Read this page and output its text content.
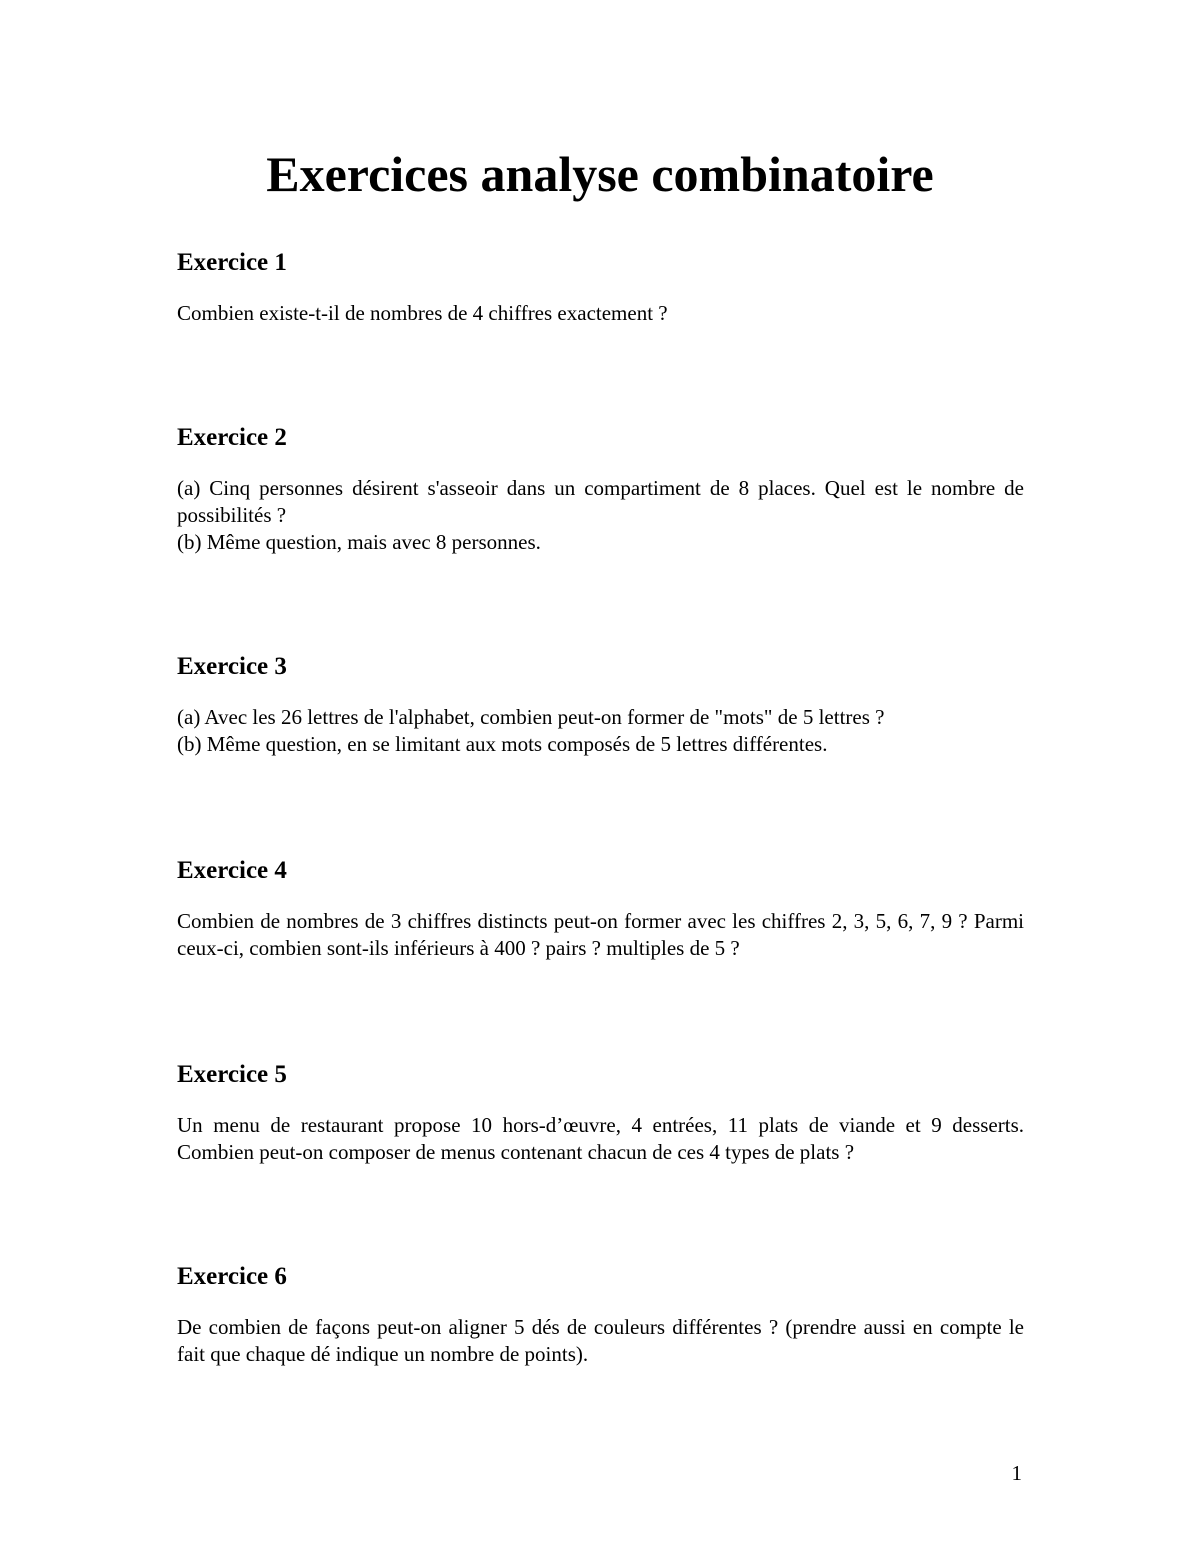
Exercices analyse combinatoire
Exercice 1

Combien existe-t-il de nombres de 4 chiffres exactement ?

Exercice 2

(a) Cinq personnes désirent s'asseoir dans un compartiment de 8 places. Quel est le nombre de possibilités ?
(b) Même question, mais avec 8 personnes.

Exercice 3

(a) Avec les 26 lettres de l'alphabet, combien peut-on former de "mots" de 5 lettres ?
(b) Même question, en se limitant aux mots composés de 5 lettres différentes.

Exercice 4

Combien de nombres de 3 chiffres distincts peut-on former avec les chiffres 2, 3, 5, 6, 7, 9 ? Parmi ceux-ci, combien sont-ils inférieurs à 400 ? pairs ? multiples de 5 ?

Exercice 5

Un menu de restaurant propose 10 hors-d’œuvre, 4 entrées, 11 plats de viande et 9 desserts. Combien peut-on composer de menus contenant chacun de ces 4 types de plats ?

Exercice 6

De combien de façons peut-on aligner 5 dés de couleurs différentes ? (prendre aussi en compte le fait que chaque dé indique un nombre de points).

1
